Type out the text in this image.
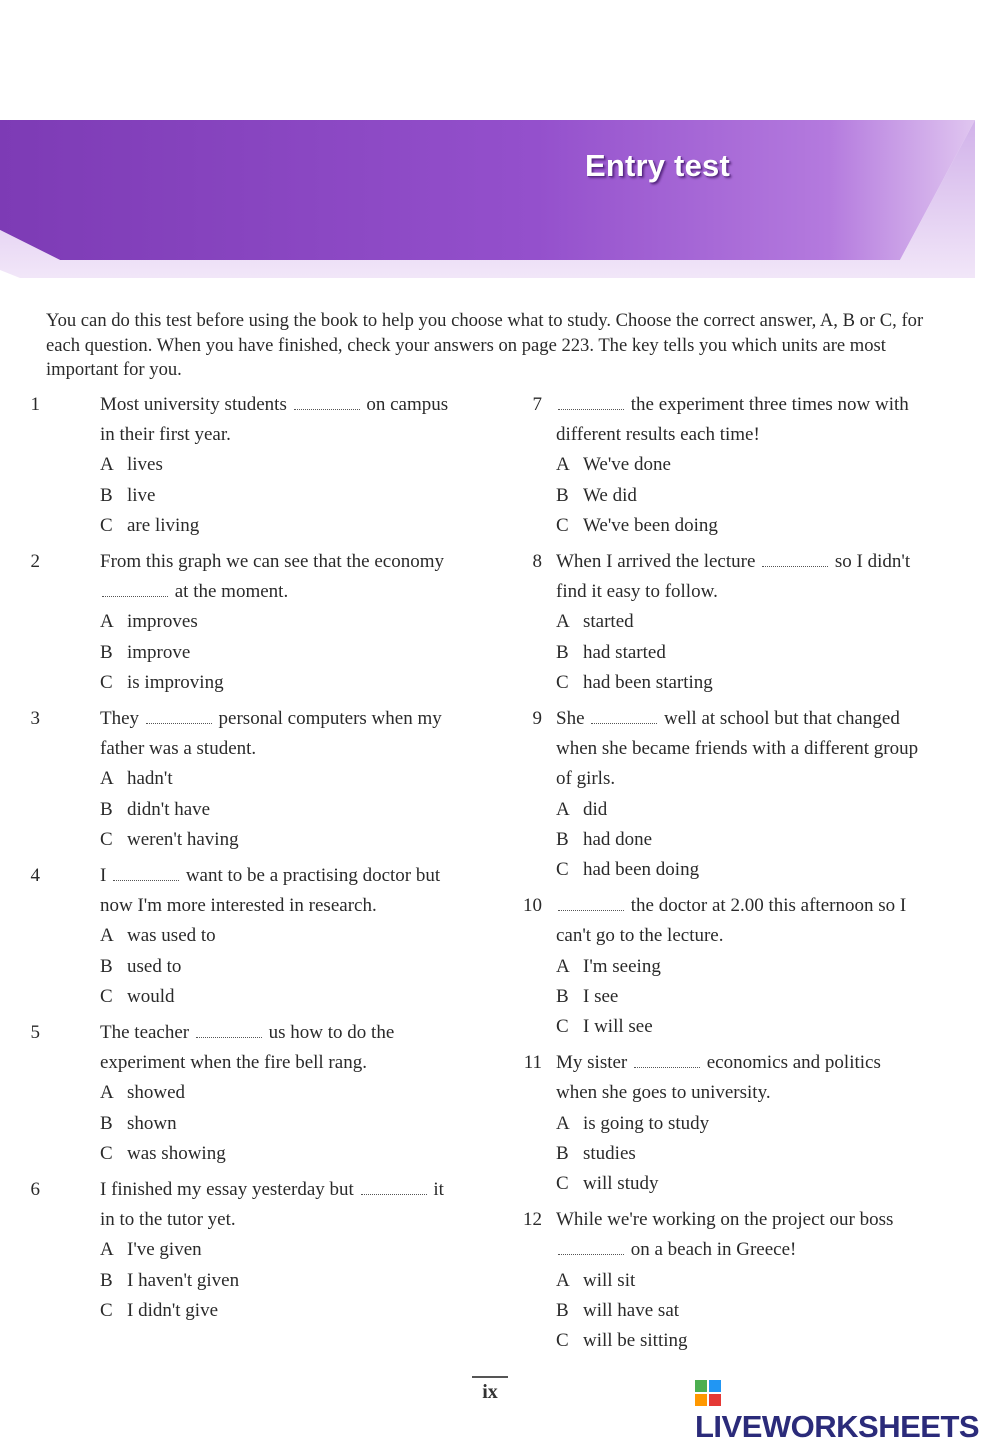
Entry test
You can do this test before using the book to help you choose what to study. Choose the correct answer, A, B or C, for each question. When you have finished, check your answers on page 223. The key tells you which units are most important for you.
1	Most university students	on campus in their first year.
A lives
B live
C are living
2	From this graph we can see that the economy  at the moment.
A improves
B improve
C is improving
3	They	personal computers when my father was a student.
A hadn't
B didn't have
C weren't having
4	I	want to be a practising doctor but now I'm more interested in research.
A was used to
B used to
C would
5	The teacher	us how to do the experiment when the fire bell rang.
A showed
B shown
C was showing
6	I finished my essay yesterday but	it in to the tutor yet.
A I've given
B I haven't given
C I didn't give
7	the experiment three times now with different results each time!
A We've done
B We did
C We've been doing
8 When I arrived the lecture	so I didn't find it easy to follow.
A started
B had started
C had been starting
9 She	well at school but that changed when she became friends with a different group of girls.
A did
B had done
C had been doing
10	the doctor at 2.00 this afternoon so I can't go to the lecture.
A I'm seeing
B I see
C I will see
11 My sister	economics and politics when she goes to university.
A is going to study
B studies
C will study
12 While we're working on the project our boss  on a beach in Greece!
A will sit
B will have sat
C will be sitting
ix
LIVEWORKSHEETS
